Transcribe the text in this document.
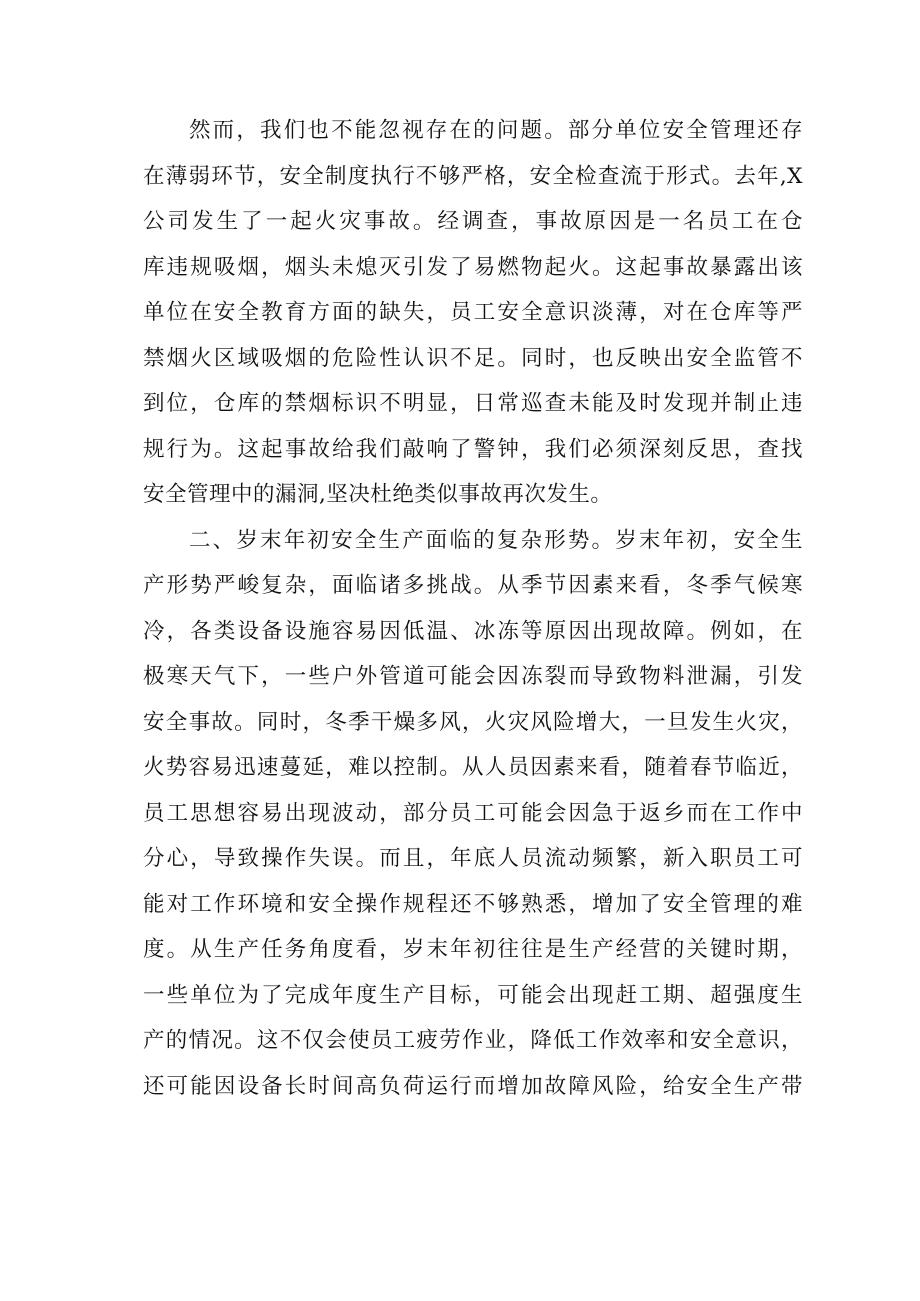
然而，我们也不能忽视存在的问题。部分单位安全管理还存
在薄弱环节，安全制度执行不够严格，安全检查流于形式。去年,X
公司发生了一起火灾事故。经调查，事故原因是一名员工在仓
库违规吸烟，烟头未熄灭引发了易燃物起火。这起事故暴露出该
单位在安全教育方面的缺失，员工安全意识淡薄，对在仓库等严
禁烟火区域吸烟的危险性认识不足。同时，也反映出安全监管不
到位，仓库的禁烟标识不明显，日常巡查未能及时发现并制止违
规行为。这起事故给我们敲响了警钟，我们必须深刻反思，查找
安全管理中的漏洞,坚决杜绝类似事故再次发生。
二、岁末年初安全生产面临的复杂形势。岁末年初，安全生
产形势严峻复杂，面临诸多挑战。从季节因素来看，冬季气候寒
冷，各类设备设施容易因低温、冰冻等原因出现故障。例如，在
极寒天气下，一些户外管道可能会因冻裂而导致物料泄漏，引发
安全事故。同时，冬季干燥多风，火灾风险增大，一旦发生火灾，
火势容易迅速蔓延，难以控制。从人员因素来看，随着春节临近，
员工思想容易出现波动，部分员工可能会因急于返乡而在工作中
分心，导致操作失误。而且，年底人员流动频繁，新入职员工可
能对工作环境和安全操作规程还不够熟悉，增加了安全管理的难
度。从生产任务角度看，岁末年初往往是生产经营的关键时期，
一些单位为了完成年度生产目标，可能会出现赶工期、超强度生
产的情况。这不仅会使员工疲劳作业，降低工作效率和安全意识，
还可能因设备长时间高负荷运行而增加故障风险，给安全生产带
